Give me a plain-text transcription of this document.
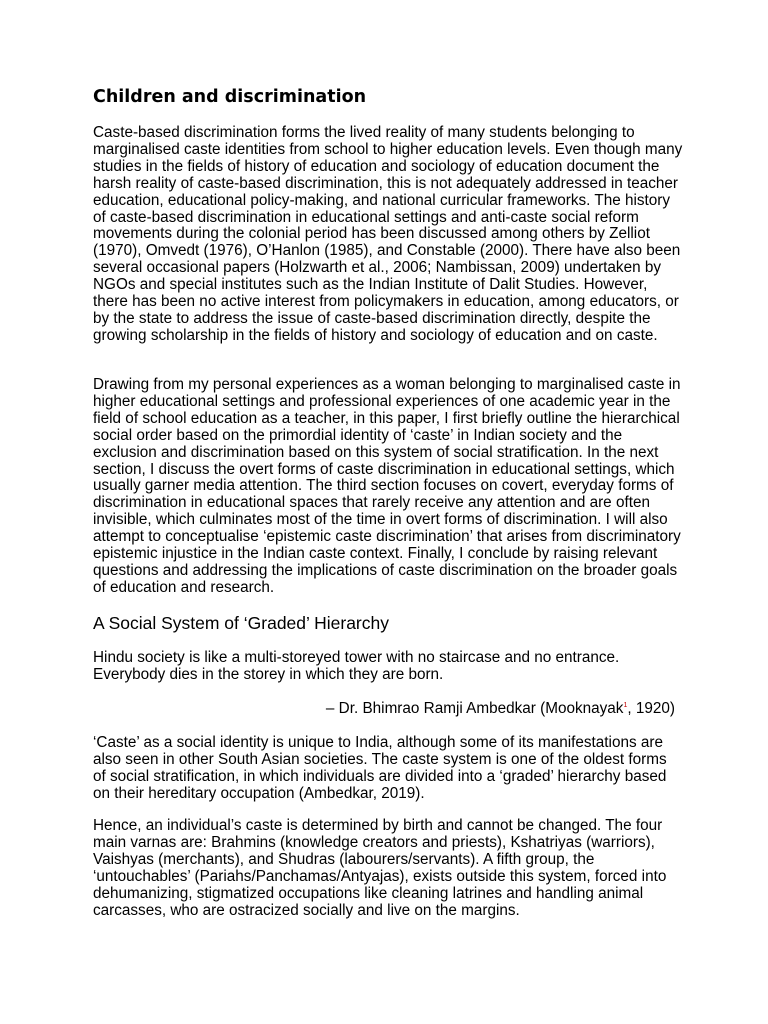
Children and discrimination

Caste-based discrimination forms the lived reality of many students belonging to marginalised caste identities from school to higher education levels. Even though many studies in the fields of history of education and sociology of education document the harsh reality of caste-based discrimination, this is not adequately addressed in teacher education, educational policy-making, and national curricular frameworks. The history of caste-based discrimination in educational settings and anti-caste social reform movements during the colonial period has been discussed among others by Zelliot (1970), Omvedt (1976), O’Hanlon (1985), and Constable (2000). There have also been several occasional papers (Holzwarth et al., 2006; Nambissan, 2009) undertaken by NGOs and special institutes such as the Indian Institute of Dalit Studies. However, there has been no active interest from policymakers in education, among educators, or by the state to address the issue of caste-based discrimination directly, despite the growing scholarship in the fields of history and sociology of education and on caste.

Drawing from my personal experiences as a woman belonging to marginalised caste in higher educational settings and professional experiences of one academic year in the field of school education as a teacher, in this paper, I first briefly outline the hierarchical social order based on the primordial identity of ‘caste’ in Indian society and the exclusion and discrimination based on this system of social stratification. In the next section, I discuss the overt forms of caste discrimination in educational settings, which usually garner media attention. The third section focuses on covert, everyday forms of discrimination in educational spaces that rarely receive any attention and are often invisible, which culminates most of the time in overt forms of discrimination. I will also attempt to conceptualise ‘epistemic caste discrimination’ that arises from discriminatory epistemic injustice in the Indian caste context. Finally, I conclude by raising relevant questions and addressing the implications of caste discrimination on the broader goals of education and research.

A Social System of ‘Graded’ Hierarchy

Hindu society is like a multi-storeyed tower with no staircase and no entrance. Everybody dies in the storey in which they are born.

– Dr. Bhimrao Ramji Ambedkar (Mooknayak$^1$, 1920)

‘Caste’ as a social identity is unique to India, although some of its manifestations are also seen in other South Asian societies. The caste system is one of the oldest forms of social stratification, in which individuals are divided into a ‘graded’ hierarchy based on their hereditary occupation (Ambedkar, 2019).

Hence, an individual’s caste is determined by birth and cannot be changed. The four main varnas are: Brahmins (knowledge creators and priests), Kshatriyas (warriors), Vaishyas (merchants), and Shudras (labourers/servants). A fifth group, the ‘untouchables’ (Pariahs/Panchamas/Antyajas), exists outside this system, forced into dehumanizing, stigmatized occupations like cleaning latrines and handling animal carcasses, who are ostracized socially and live on the margins.
